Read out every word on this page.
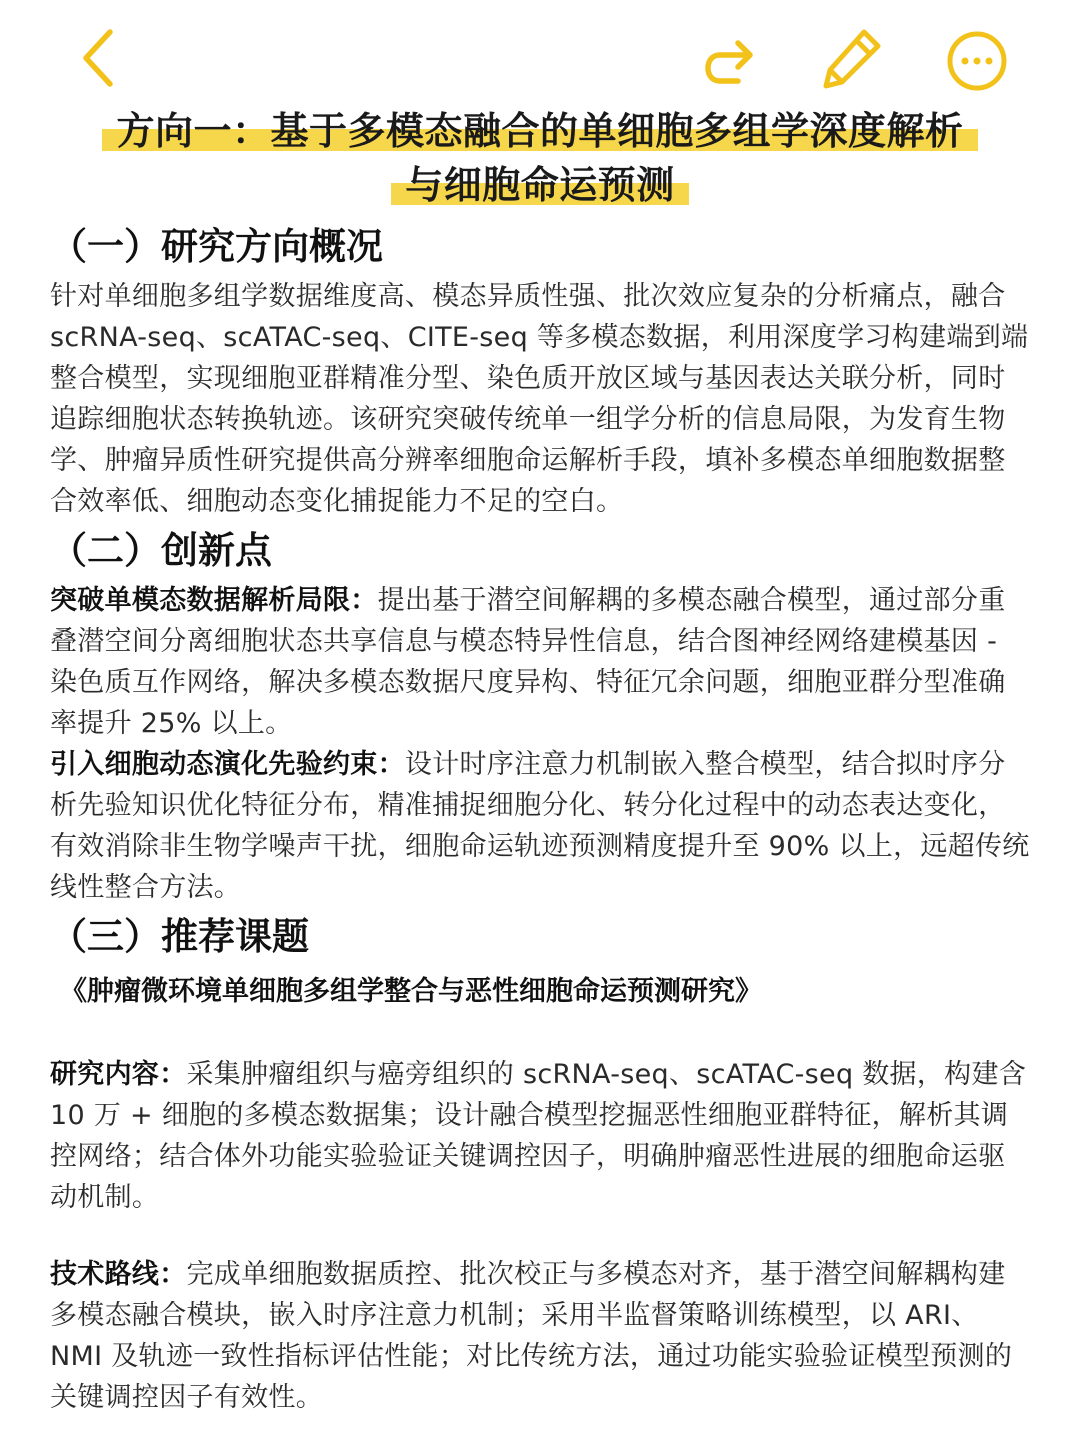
方向一：基于多模态融合的单细胞多组学深度解析
与细胞命运预测
（一）研究方向概况

针对单细胞多组学数据维度高、模态异质性强、批次效应复杂的分析痛点，融合 scRNA-seq、scATAC-seq、CITE-seq 等多模态数据，利用深度学习构建端到端整合模型，实现细胞亚群精准分型、染色质开放区域与基因表达关联分析，同时追踪细胞状态转换轨迹。该研究突破传统单一组学分析的信息局限，为发育生物学、肿瘤异质性研究提供高分辨率细胞命运解析手段，填补多模态单细胞数据整合效率低、细胞动态变化捕捉能力不足的空白。

（二）创新点

突破单模态数据解析局限：提出基于潜空间解耦的多模态融合模型，通过部分重叠潜空间分离细胞状态共享信息与模态特异性信息，结合图神经网络建模基因 - 染色质互作网络，解决多模态数据尺度异构、特征冗余问题，细胞亚群分型准确率提升 25% 以上。

引入细胞动态演化先验约束：设计时序注意力机制嵌入整合模型，结合拟时序分析先验知识优化特征分布，精准捕捉细胞分化、转分化过程中的动态表达变化，有效消除非生物学噪声干扰，细胞命运轨迹预测精度提升至 90% 以上，远超传统线性整合方法。

（三）推荐课题
《肿瘤微环境单细胞多组学整合与恶性细胞命运预测研究》

研究内容：采集肿瘤组织与癌旁组织的 scRNA-seq、scATAC-seq 数据，构建含 10 万 + 细胞的多模态数据集；设计融合模型挖掘恶性细胞亚群特征，解析其调控网络；结合体外功能实验验证关键调控因子，明确肿瘤恶性进展的细胞命运驱动机制。

技术路线：完成单细胞数据质控、批次校正与多模态对齐，基于潜空间解耦构建多模态融合模块，嵌入时序注意力机制；采用半监督策略训练模型，以 ARI、NMI 及轨迹一致性指标评估性能；对比传统方法，通过功能实验验证模型预测的关键调控因子有效性。
